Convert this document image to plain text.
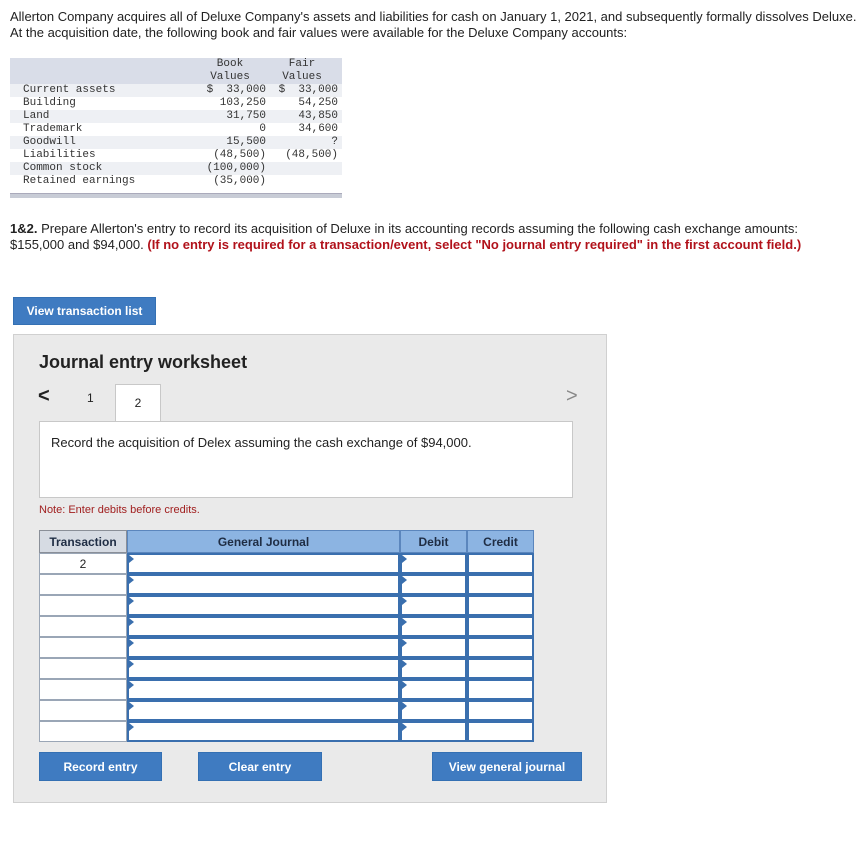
Allerton Company acquires all of Deluxe Company's assets and liabilities for cash on January 1, 2021, and subsequently formally dissolves Deluxe. At the acquisition date, the following book and fair values were available for the Deluxe Company accounts:
Book
Values
Fair
Values
Current assets	$  33,000	$  33,000
Building	103,250	54,250
Land	31,750	43,850
Trademark	0	34,600
Goodwill	15,500	?
Liabilities	(48,500)	(48,500)
Common stock	(100,000)
Retained earnings	(35,000)
1&2. Prepare Allerton's entry to record its acquisition of Deluxe in its accounting records assuming the following cash exchange amounts: $155,000 and $94,000. (If no entry is required for a transaction/event, select "No journal entry required" in the first account field.)
View transaction list
Journal entry worksheet
<	1	2	>
Record the acquisition of Delex assuming the cash exchange of $94,000.
Note: Enter debits before credits.
Transaction	General Journal	Debit	Credit
2
Record entry	Clear entry	View general journal
